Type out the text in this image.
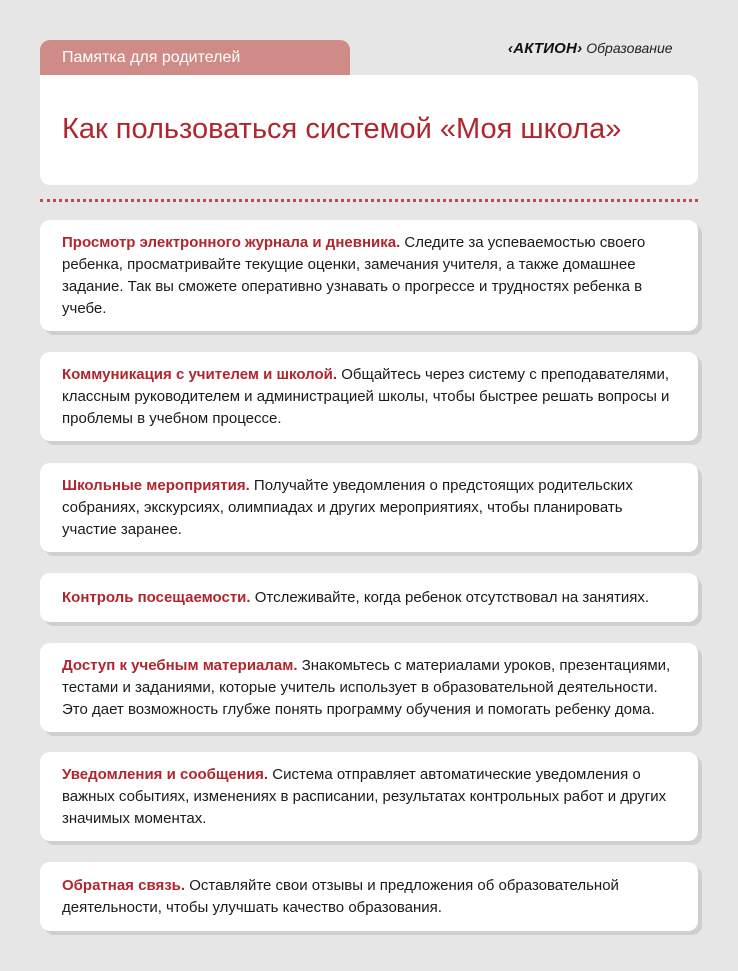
Памятка для родителей
‹АКТИОН› Образование
Как пользоваться системой «Моя школа»

Просмотр электронного журнала и дневника. Следите за успеваемостью своего ребенка, просматривайте текущие оценки, замечания учителя, а также домашнее задание. Так вы сможете оперативно узнавать о прогрессе и трудностях ребенка в учебе.

Коммуникация с учителем и школой. Общайтесь через систему с преподавателями, классным руководителем и администрацией школы, чтобы быстрее решать вопросы и проблемы в учебном процессе.

Школьные мероприятия. Получайте уведомления о предстоящих родительских собраниях, экскурсиях, олимпиадах и других мероприятиях, чтобы планировать участие заранее.

Контроль посещаемости. Отслеживайте, когда ребенок отсутствовал на занятиях.

Доступ к учебным материалам. Знакомьтесь с материалами уроков, презентациями, тестами и заданиями, которые учитель использует в образовательной деятельности. Это дает возможность глубже понять программу обучения и помогать ребенку дома.

Уведомления и сообщения. Система отправляет автоматические уведомления о важных событиях, изменениях в расписании, результатах контрольных работ и других значимых моментах.

Обратная связь. Оставляйте свои отзывы и предложения об образовательной деятельности, чтобы улучшать качество образования.
